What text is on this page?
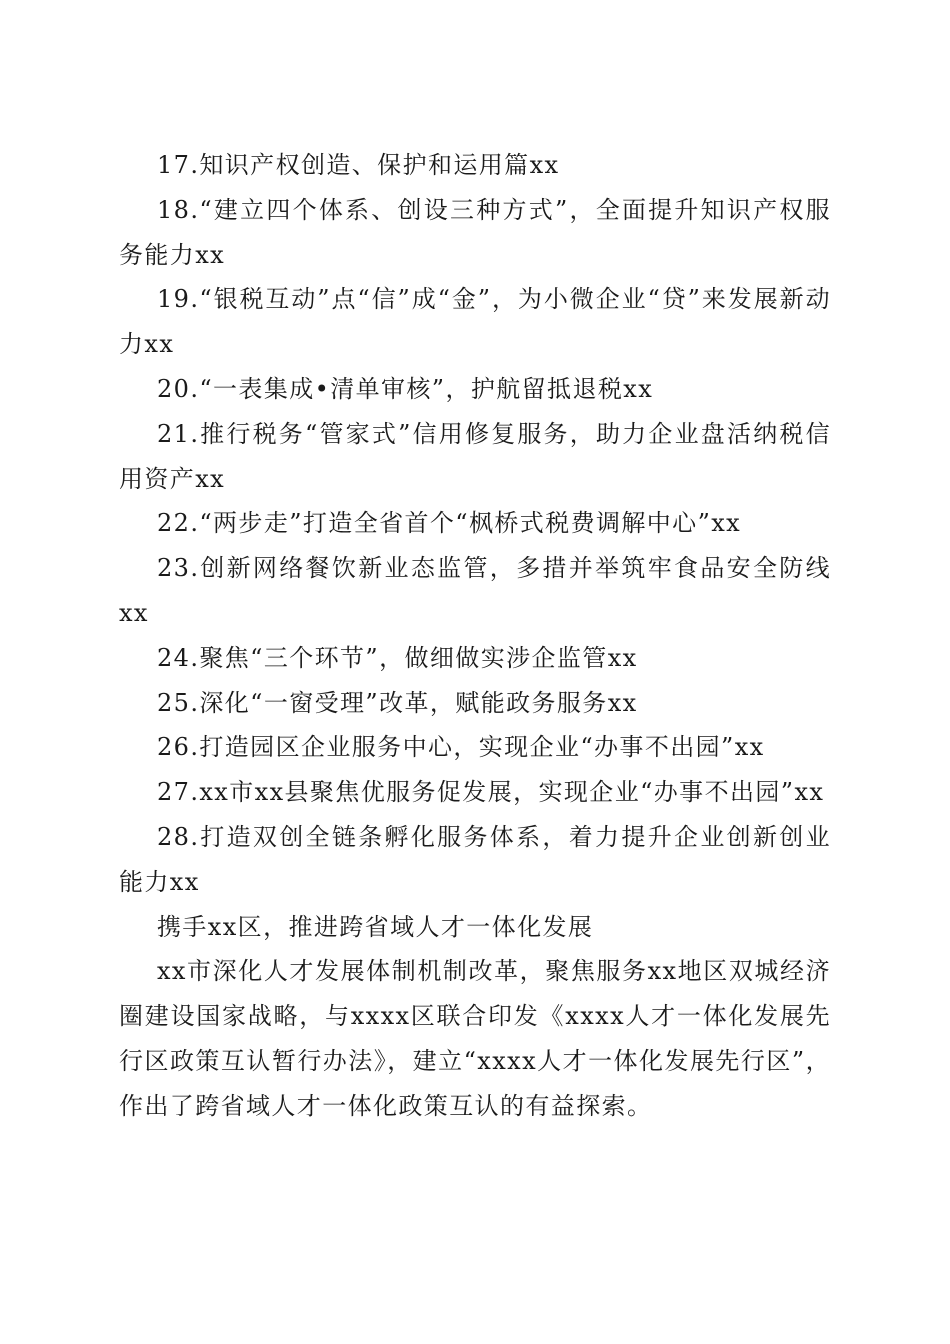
17.知识产权创造、保护和运用篇xx

18.“建立四个体系、创设三种方式”，全面提升知识产权服务能力xx

19.“银税互动”点“信”成“金”，为小微企业“贷”来发展新动力xx

20.“一表集成•清单审核”，护航留抵退税xx

21.推行税务“管家式”信用修复服务，助力企业盘活纳税信用资产xx

22.“两步走”打造全省首个“枫桥式税费调解中心”xx

23.创新网络餐饮新业态监管，多措并举筑牢食品安全防线xx

24.聚焦“三个环节”，做细做实涉企监管xx

25.深化“一窗受理”改革，赋能政务服务xx

26.打造园区企业服务中心，实现企业“办事不出园”xx

27.xx市xx县聚焦优服务促发展，实现企业“办事不出园”xx

28.打造双创全链条孵化服务体系，着力提升企业创新创业能力xx

携手xx区，推进跨省域人才一体化发展

xx市深化人才发展体制机制改革，聚焦服务xx地区双城经济圈建设国家战略，与xxxx区联合印发《xxxx人才一体化发展先行区政策互认暂行办法》，建立“xxxx人才一体化发展先行区”，作出了跨省域人才一体化政策互认的有益探索。
